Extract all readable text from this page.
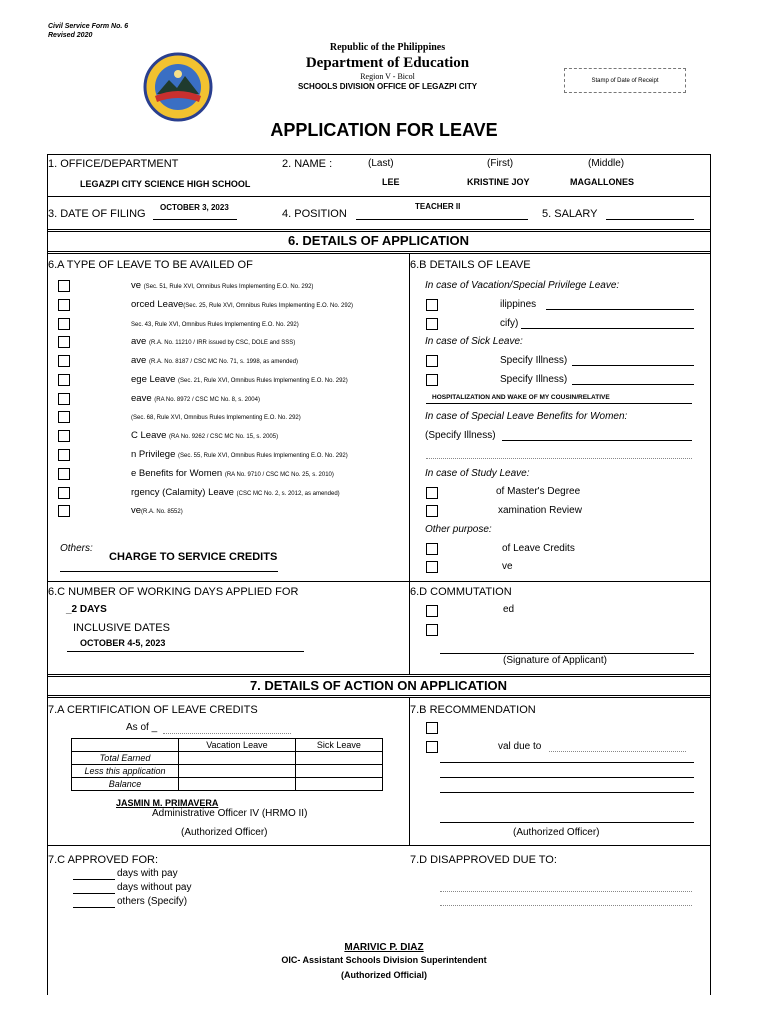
Civil Service Form No. 6
Revised 2020
Republic of the Philippines
Department of Education
Region V - Bicol
SCHOOLS DIVISION OFFICE OF LEGAZPI CITY
Stamp of Date of Receipt
APPLICATION FOR LEAVE
1. OFFICE/DEPARTMENT	2. NAME :	(Last)	(First)	(Middle)
LEGAZPI CITY SCIENCE HIGH SCHOOL	LEE	KRISTINE JOY	MAGALLONES
3. DATE OF FILING
OCTOBER 3, 2023
4. POSITION
TEACHER II
5. SALARY
6. DETAILS OF APPLICATION
6.A TYPE OF LEAVE TO BE AVAILED OF	6.B DETAILS OF LEAVE
ve (Sec. 51, Rule XVI, Omnibus Rules Implementing E.O. No. 292)
orced Leave(Sec. 25, Rule XVI, Omnibus Rules Implementing E.O. No. 292)
Sec. 43, Rule XVI, Omnibus Rules Implementing E.O. No. 292)
ave (R.A. No. 11210 / IRR issued by CSC, DOLE and SSS)
ave (R.A. No. 8187 / CSC MC No. 71, s. 1998, as amended)
ege Leave (Sec. 21, Rule XVI, Omnibus Rules Implementing E.O. No. 292)
eave (RA No. 8972 / CSC MC No. 8, s. 2004)
(Sec. 68, Rule XVI, Omnibus Rules Implementing E.O. No. 292)
C Leave (RA No. 9262 / CSC MC No. 15, s. 2005)
n Privilege (Sec. 55, Rule XVI, Omnibus Rules Implementing E.O. No. 292)
e Benefits for Women (RA No. 9710 / CSC MC No. 25, s. 2010)
rgency (Calamity) Leave (CSC MC No. 2, s. 2012, as amended)
ve(R.A. No. 8552)
Others:
CHARGE TO SERVICE CREDITS
In case of Vacation/Special Privilege Leave:
ilippines
cify)
In case of Sick Leave:
Specify Illness)
Specify Illness)
HOSPITALIZATION AND WAKE OF MY COUSIN/RELATIVE
In case of Special Leave Benefits for Women:
(Specify Illness)
In case of Study Leave:
of Master's Degree
xamination Review
Other purpose:
of Leave Credits
ve
6.C NUMBER OF WORKING DAYS APPLIED FOR
_2 DAYS
INCLUSIVE DATES
OCTOBER 4-5, 2023
6.D COMMUTATION
ed
(Signature of Applicant)
7. DETAILS OF ACTION ON APPLICATION
7.A CERTIFICATION OF LEAVE CREDITS
As of _
	Vacation Leave	Sick Leave
Total Earned		
Less this application		
Balance		
JASMIN M. PRIMAVERA
Administrative Officer IV (HRMO II)
(Authorized Officer)
7.B RECOMMENDATION
val due to
(Authorized Officer)
7.C APPROVED FOR:
days with pay
days without pay
others (Specify)
7.D DISAPPROVED DUE TO:
MARIVIC P. DIAZ
OIC- Assistant Schools Division Superintendent
(Authorized Official)
